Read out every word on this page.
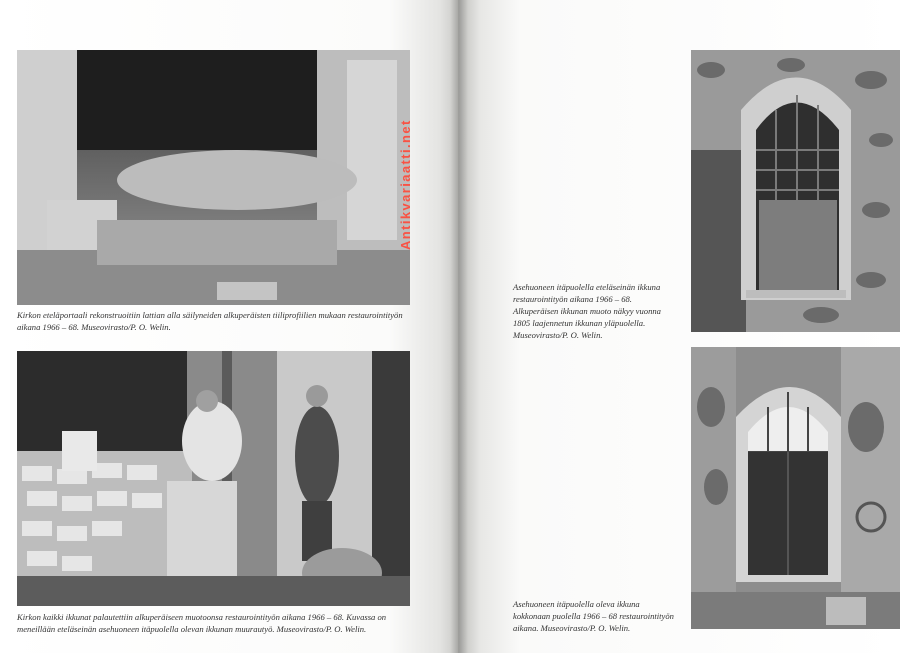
Kirkon eteläportaali rekonstruoitiin lattian alla säilyneiden alkuperäisten tiiliprofiilien mukaan restaurointityön aikana 1966 – 68. Museovirasto/P. O. Welin.

Kirkon kaikki ikkunat palautettiin alkuperäiseen muotoonsa restaurointityön aikana 1966 – 68. Kuvassa on meneillään eteläseinän asehuoneen itäpuolella olevan ikkunan muurautyö. Museovirasto/P. O. Welin.

Asehuoneen itäpuolella eteläseinän ikkuna restaurointityön aikana 1966 – 68. Alkuperäisen ikkunan muoto näkyy vuonna 1805 laajennetun ikkunan yläpuolella. Museovirasto/P. O. Welin.

Asehuoneen itäpuolella oleva ikkuna kokkonaan puolella 1966 – 68 restaurointityön aikana. Museovirasto/P. O. Welin.

Antikvariaatti.net
